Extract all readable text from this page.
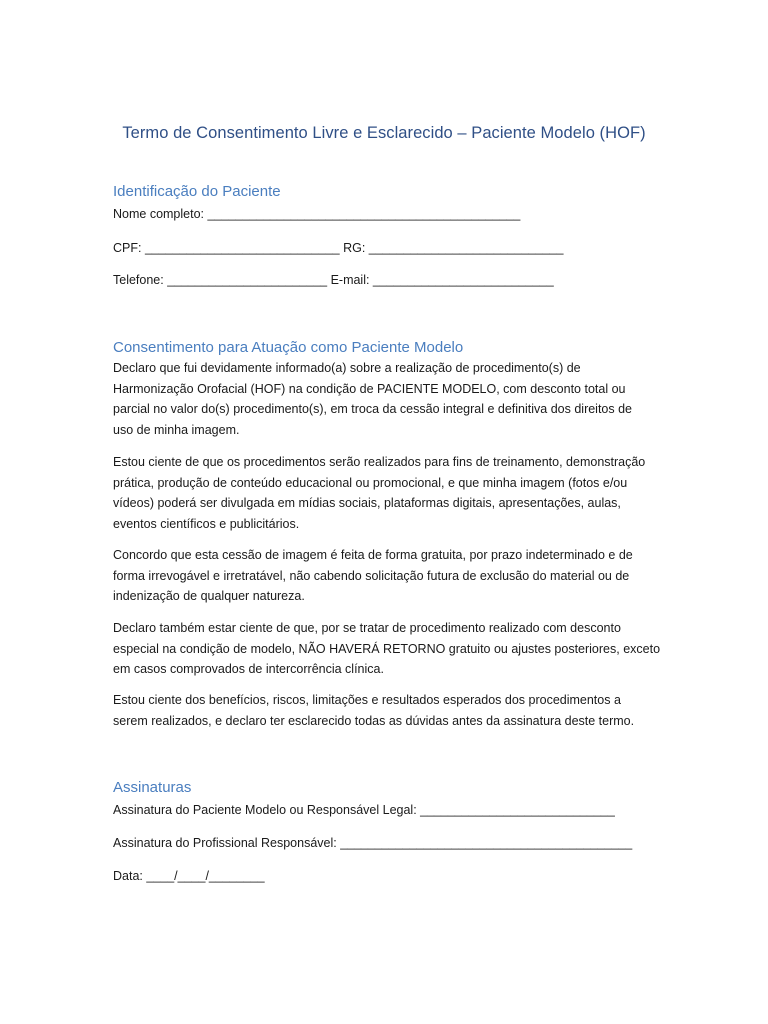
Termo de Consentimento Livre e Esclarecido – Paciente Modelo (HOF)
Identificação do Paciente
Nome completo: _____________________________________________
CPF: ____________________________ RG: ____________________________
Telefone: _______________________ E-mail: __________________________
Consentimento para Atuação como Paciente Modelo
Declaro que fui devidamente informado(a) sobre a realização de procedimento(s) de
Harmonização Orofacial (HOF) na condição de PACIENTE MODELO, com desconto total ou
parcial no valor do(s) procedimento(s), em troca da cessão integral e definitiva dos direitos de
uso de minha imagem.
Estou ciente de que os procedimentos serão realizados para fins de treinamento, demonstração
prática, produção de conteúdo educacional ou promocional, e que minha imagem (fotos e/ou
vídeos) poderá ser divulgada em mídias sociais, plataformas digitais, apresentações, aulas,
eventos científicos e publicitários.
Concordo que esta cessão de imagem é feita de forma gratuita, por prazo indeterminado e de
forma irrevogável e irretratável, não cabendo solicitação futura de exclusão do material ou de
indenização de qualquer natureza.
Declaro também estar ciente de que, por se tratar de procedimento realizado com desconto
especial na condição de modelo, NÃO HAVERÁ RETORNO gratuito ou ajustes posteriores, exceto
em casos comprovados de intercorrência clínica.
Estou ciente dos benefícios, riscos, limitações e resultados esperados dos procedimentos a
serem realizados, e declaro ter esclarecido todas as dúvidas antes da assinatura deste termo.
Assinaturas
Assinatura do Paciente Modelo ou Responsável Legal: ____________________________
Assinatura do Profissional Responsável: __________________________________________
Data: ____/____/________
